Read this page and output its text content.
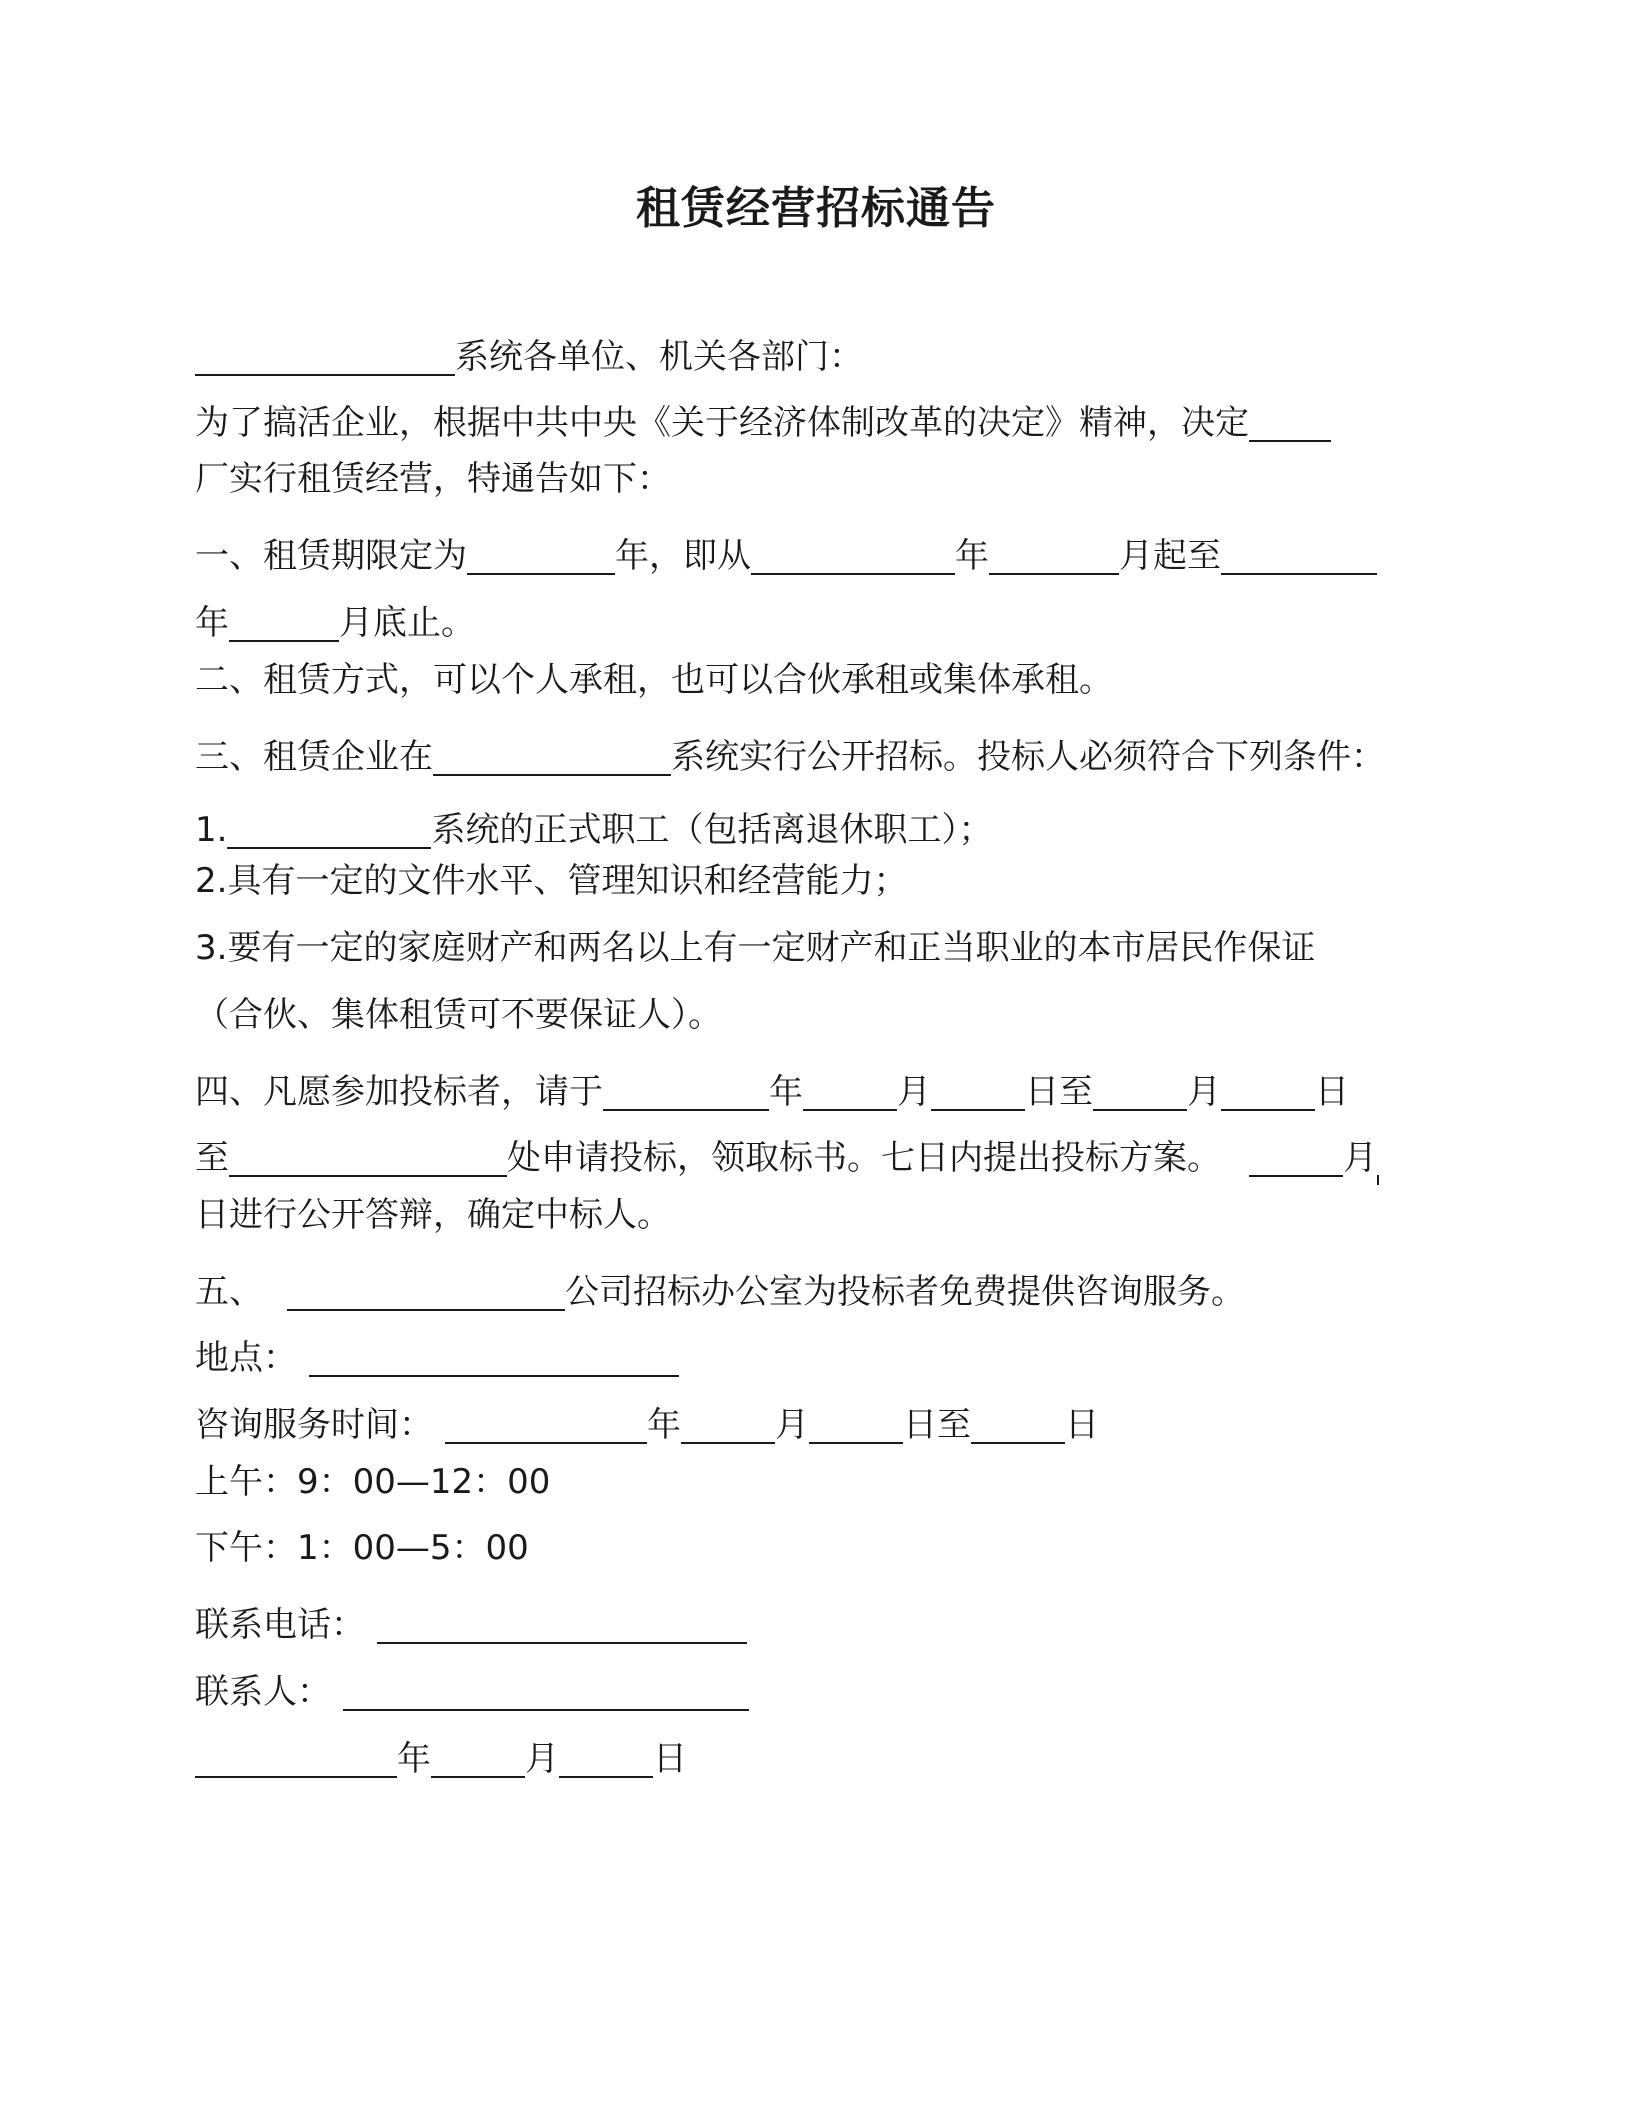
租赁经营招标通告
系统各单位、机关各部门：
为了搞活企业，根据中共中央《关于经济体制改革的决定》精神，决定
厂实行租赁经营，特通告如下：
一、租赁期限定为	年，即从	年	月起至
年	月底止。
二、租赁方式，可以个人承租，也可以合伙承租或集体承租。
三、租赁企业在	系统实行公开招标。投标人必须符合下列条件：
1.	系统的正式职工（包括离退休职工）；
2.具有一定的文件水平、管理知识和经营能力；
3.要有一定的家庭财产和两名以上有一定财产和正当职业的本市居民作保证
（合伙、集体租赁可不要保证人）。
四、凡愿参加投标者，请于	年	月	日至	月	日
至	处申请投标，领取标书。七日内提出投标方案。	月
日进行公开答辩，确定中标人。
五、	公司招标办公室为投标者免费提供咨询服务。
地点：
咨询服务时间：	年	月	日至	日
上午：9：00—12：00
下午：1：00—5：00
联系电话：
联系人：
年	月	日
